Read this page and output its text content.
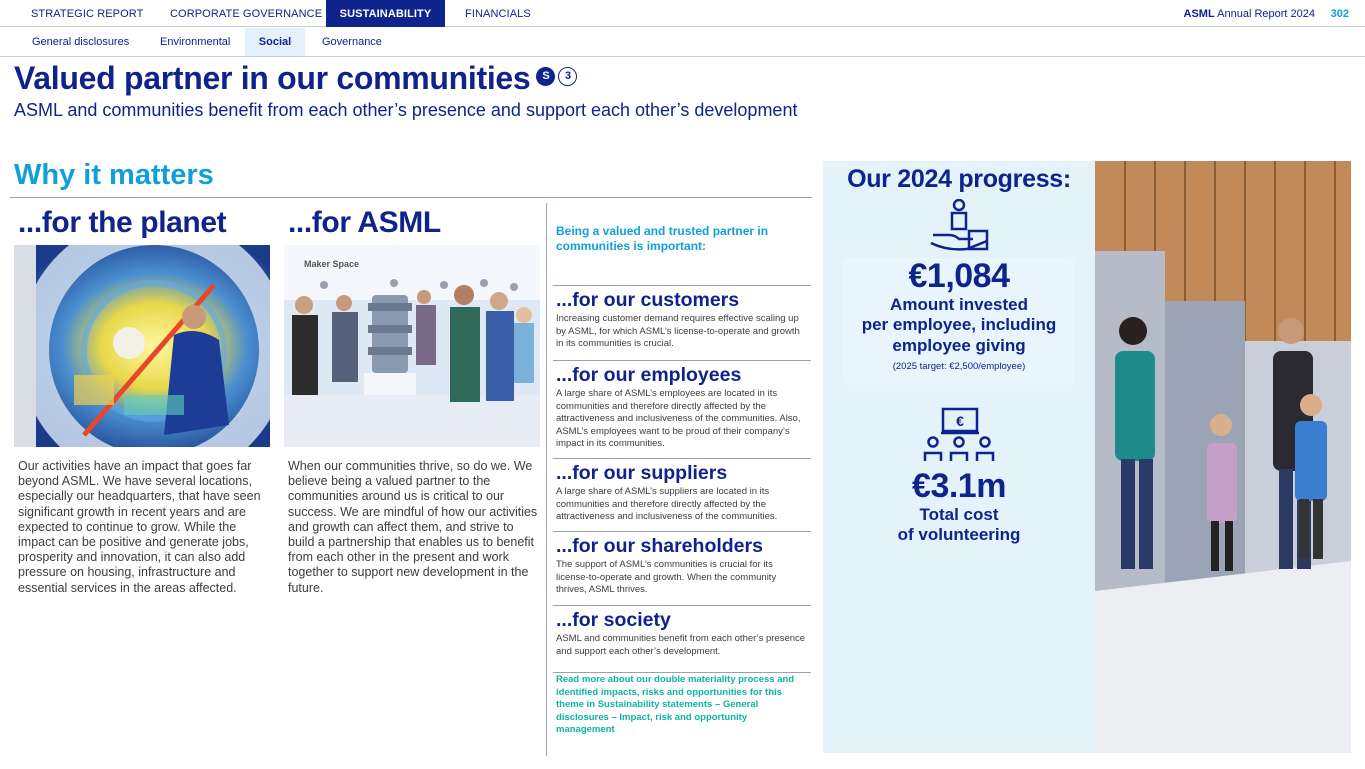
STRATEGIC REPORT CORPORATE GOVERNANCE	SUSTAINABILITY	FINANCIALS	ASML Annual Report 2024 302
General disclosures	Environmental	Social	Governance
Valued partner in our communities S 3
ASML and communities benefit from each other’s presence and support each other’s development
Why it matters
...for the planet ...for ASML
Maker Space
Our activities have an impact that goes far beyond ASML. We have several locations, especially our headquarters, that have seen significant growth in recent years and are expected to continue to grow. While the impact can be positive and generate jobs, prosperity and innovation, it can also add pressure on housing, infrastructure and essential services in the areas affected.
When our communities thrive, so do we. We believe being a valued partner to the communities around us is critical to our success. We are mindful of how our activities and growth can affect them, and strive to build a partnership that enables us to benefit from each other in the present and work together to support new development in the future.
Being a valued and trusted partner in communities is important:
...for our customers

Increasing customer demand requires effective scaling up by ASML, for which ASML’s license-to-operate and growth in its communities is crucial.

...for our employees

A large share of ASML’s employees are located in its communities and therefore directly affected by the attractiveness and inclusiveness of the communities. Also, ASML’s employees want to be proud of their company’s impact in its communities.

...for our suppliers

A large share of ASML’s suppliers are located in its communities and therefore directly affected by the attractiveness and inclusiveness of the communities.

...for our shareholders

The support of ASML’s communities is crucial for its license-to-operate and growth. When the community thrives, ASML thrives.

...for society

ASML and communities benefit from each other’s presence and support each other’s development.

Read more about our double materiality process and identified impacts, risks and opportunities for this theme in Sustainability statements – General disclosures – Impact, risk and opportunity management
Our 2024 progress:
€1,084
Amount invested
per employee, including
employee giving
(2025 target: €2,500/employee)
€
€3.1m
Total cost
of volunteering
